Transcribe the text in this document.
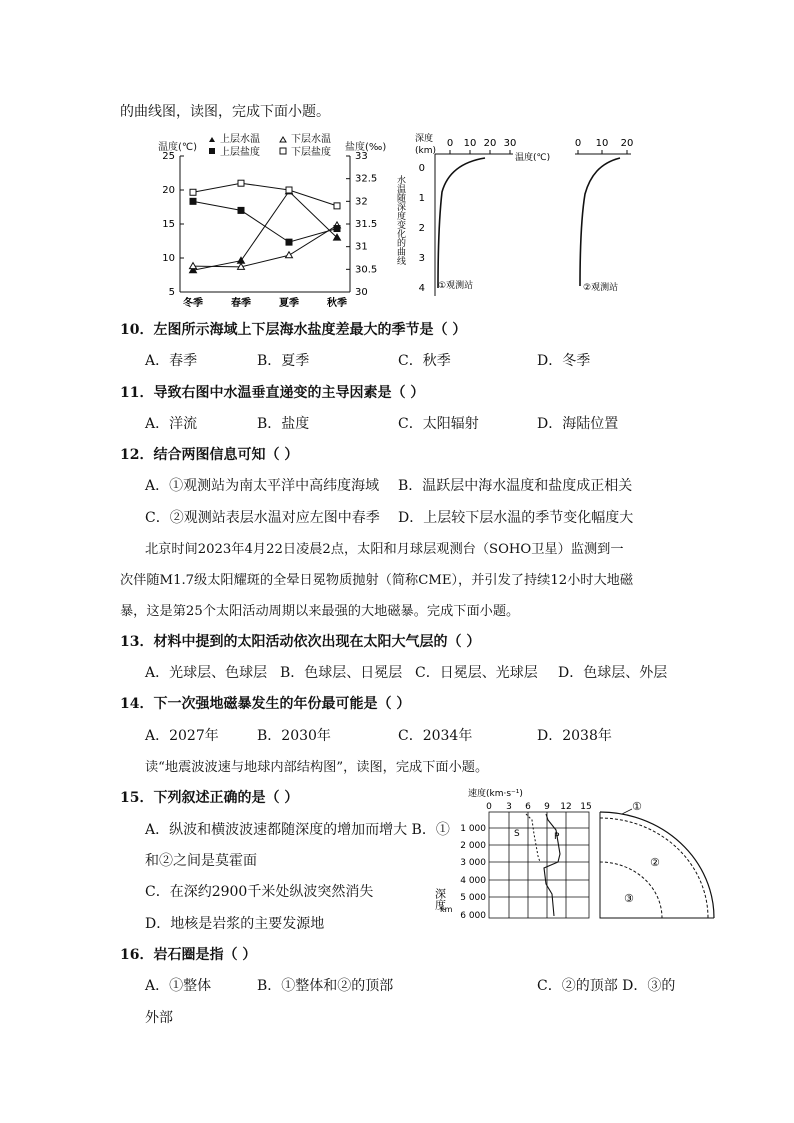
的曲线图，读图，完成下面小题。
温度(℃)	盐度(‰)
上层水温	下层水温
上层盐度	下层盐度
25
20
15
10
5
33
32.5
32
31.5
31
30.5
30
冬季	春季	夏季	秋季
深度
(km)
0 10 20 30
温度(℃)
0
1
2
3
4
水温随深度变化的曲线
①观测站
0 10 20
②观测站
10．左图所示海域上下层海水盐度差最大的季节是（ ）
A．春季	B．夏季	C．秋季	D．冬季
11．导致右图中水温垂直递变的主导因素是（ ）
A．洋流	B．盐度	C．太阳辐射	D．海陆位置
12．结合两图信息可知（ ）
A．①观测站为南太平洋中高纬度海域 B．温跃层中海水温度和盐度成正相关
C．②观测站表层水温对应左图中春季 D．上层较下层水温的季节变化幅度大
北京时间2023年4月22日凌晨2点，太阳和月球层观测台（SOHO卫星）监测到一
次伴随M1.7级太阳耀斑的全晕日冕物质抛射（简称CME），并引发了持续12小时大地磁
暴，这是第25个太阳活动周期以来最强的大地磁暴。完成下面小题。
13．材料中提到的太阳活动依次出现在太阳大气层的（ ）
A．光球层、色球层 B．色球层、日冕层 C．日冕层、光球层 D．色球层、外层
14．下一次强地磁暴发生的年份最可能是（ ）
A．2027年	B．2030年	C．2034年	D．2038年
读“地震波波速与地球内部结构图”，读图，完成下面小题。
15．下列叙述正确的是（ ）
A．纵波和横波波速都随深度的增加而增大 B．①
和②之间是莫霍面
C．在深约2900千米处纵波突然消失
D．地核是岩浆的主要发源地
速度(km·s⁻¹)
0 3 6 9 12 15
1 000
2 000
3 000
4 000
5 000
6 000
深度
km
S	P
①
②
③
16．岩石圈是指（ ）
A．①整体	B．①整体和②的顶部	C．②的顶部 D．③的
外部
